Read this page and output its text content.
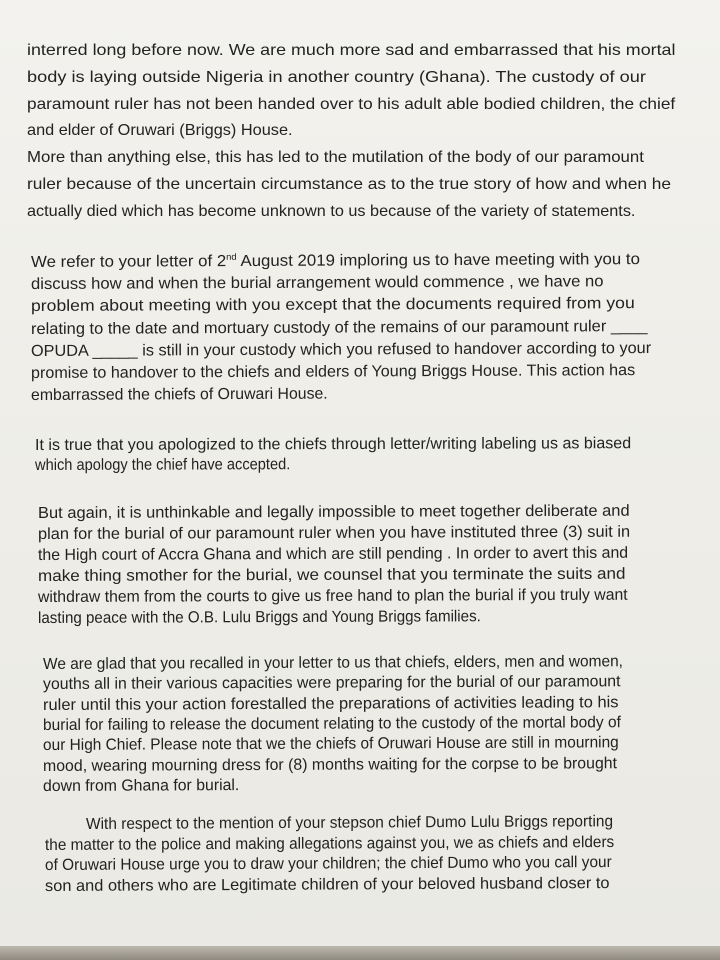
interred long before now. We are much more sad and embarrassed that his mortal
body is laying outside Nigeria in another country (Ghana). The custody of our
paramount ruler has not been handed over to his adult able bodied children, the chief
and elder of Oruwari (Briggs) House.
More than anything else, this has led to the mutilation of the body of our paramount
ruler because of the uncertain circumstance as to the true story of how and when he
actually died which has become unknown to us because of the variety of statements.
We refer to your letter of 2nd August 2019 imploring us to have meeting with you to
discuss how and when the burial arrangement would commence , we have no
problem about meeting with you except that the documents required from you
relating to the date and mortuary custody of the remains of our paramount ruler ____
OPUDA _____ is still in your custody which you refused to handover according to your
promise to handover to the chiefs and elders of Young Briggs House. This action has
embarrassed the chiefs of Oruwari House.
It is true that you apologized to the chiefs through letter/writing labeling us as biased
which apology the chief have accepted.
But again, it is unthinkable and legally impossible to meet together deliberate and
plan for the burial of our paramount ruler when you have instituted three (3) suit in
the High court of Accra Ghana and which are still pending . In order to avert this and
make thing smother for the burial, we counsel that you terminate the suits and
withdraw them from the courts to give us free hand to plan the burial if you truly want
lasting peace with the O.B. Lulu Briggs and Young Briggs families.
We are glad that you recalled in your letter to us that chiefs, elders, men and women,
youths all in their various capacities were preparing for the burial of our paramount
ruler until this your action forestalled the preparations of activities leading to his
burial for failing to release the document relating to the custody of the mortal body of
our High Chief. Please note that we the chiefs of Oruwari House are still in mourning
mood, wearing mourning dress for (8) months waiting for the corpse to be brought
down from Ghana for burial.
With respect to the mention of your stepson chief Dumo Lulu Briggs reporting
the matter to the police and making allegations against you, we as chiefs and elders
of Oruwari House urge you to draw your children; the chief Dumo who you call your
son and others who are Legitimate children of your beloved husband closer to
